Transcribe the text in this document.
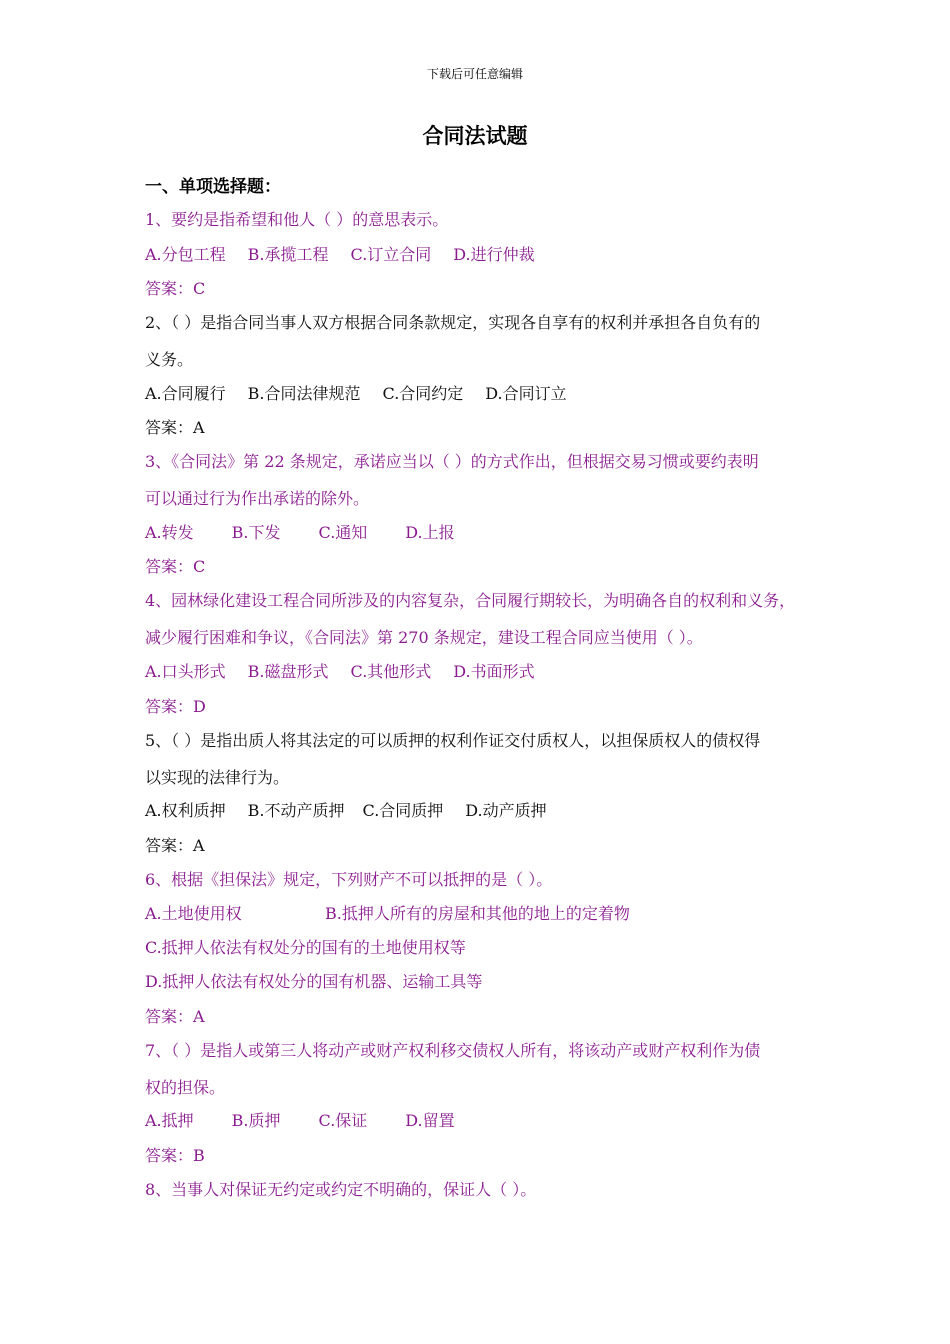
下载后可任意编辑
合同法试题
一、单项选择题：
1、要约是指希望和他人（ ）的意思表示。
A.分包工程 B.承揽工程 C.订立合同 D.进行仲裁
答案：C
2、（ ）是指合同当事人双方根据合同条款规定，实现各自享有的权利并承担各自负有的
义务。
A.合同履行 B.合同法律规范 C.合同约定 D.合同订立
答案：A
3、《合同法》第 22 条规定，承诺应当以（ ）的方式作出，但根据交易习惯或要约表明
可以通过行为作出承诺的除外。
A.转发 B.下发 C.通知 D.上报
答案：C
4、园林绿化建设工程合同所涉及的内容复杂，合同履行期较长，为明确各自的权利和义务，
减少履行困难和争议，《合同法》第 270 条规定，建设工程合同应当使用（ ）。
A.口头形式 B.磁盘形式 C.其他形式 D.书面形式
答案：D
5、（ ）是指出质人将其法定的可以质押的权利作证交付质权人，以担保质权人的债权得
以实现的法律行为。
A.权利质押 B.不动产质押 C.合同质押 D.动产质押
答案：A
6、根据《担保法》规定，下列财产不可以抵押的是（ ）。
A.土地使用权	B.抵押人所有的房屋和其他的地上的定着物
C.抵押人依法有权处分的国有的土地使用权等
D.抵押人依法有权处分的国有机器、运输工具等
答案：A
7、（ ）是指人或第三人将动产或财产权利移交债权人所有，将该动产或财产权利作为债
权的担保。
A.抵押 B.质押 C.保证 D.留置
答案：B
8、当事人对保证无约定或约定不明确的，保证人（ ）。
